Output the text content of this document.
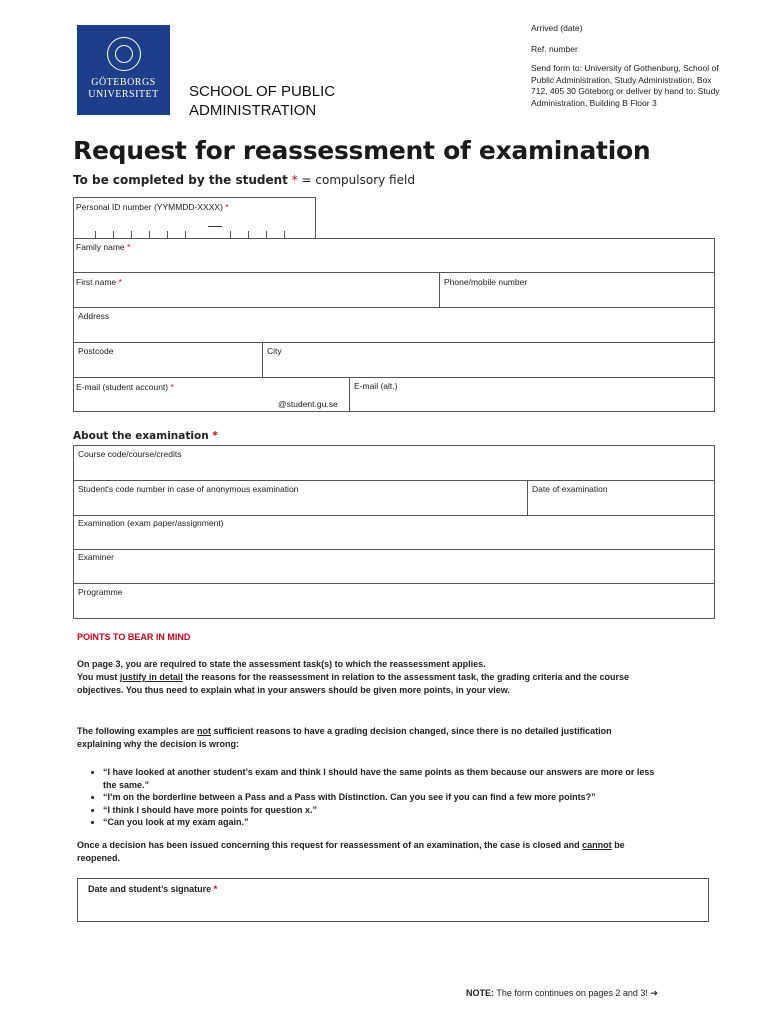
GÖTEBORGS
UNIVERSITET	SCHOOL OF PUBLIC ADMINISTRATION
Arrived (date)
Ref. number
Send form to: University of Gothenburg, School of Public Administration, Study Administration, Box 712, 405 30 Göteborg or deliver by hand to: Study Administration, Building B Floor 3
Request for reassessment of examination
To be completed by the student * = compulsory field
Personal ID number (YYMMDD-XXXX) *
Family name *
First name *	Phone/mobile number
Address
Postcode	City
E-mail (student account) *
@student.gu.se
E-mail (alt.)
About the examination *
Course code/course/credits
Student's code number in case of anonymous examination	Date of examination
Examination (exam paper/assignment)
Examiner
Programme
POINTS TO BEAR IN MIND
On page 3, you are required to state the assessment task(s) to which the reassessment applies.
You must justify in detail the reasons for the reassessment in relation to the assessment task, the grading criteria and the course objectives. You thus need to explain what in your answers should be given more points, in your view.
The following examples are not sufficient reasons to have a grading decision changed, since there is no detailed justification explaining why the decision is wrong:
• “I have looked at another student’s exam and think I should have the same points as them because our answers are more or less the same.”
• “I’m on the borderline between a Pass and a Pass with Distinction. Can you see if you can find a few more points?”
• “I think I should have more points for question x.”
• “Can you look at my exam again.”
Once a decision has been issued concerning this request for reassessment of an examination, the case is closed and cannot be reopened.
Date and student’s signature *
NOTE: The form continues on pages 2 and 3! ➔
